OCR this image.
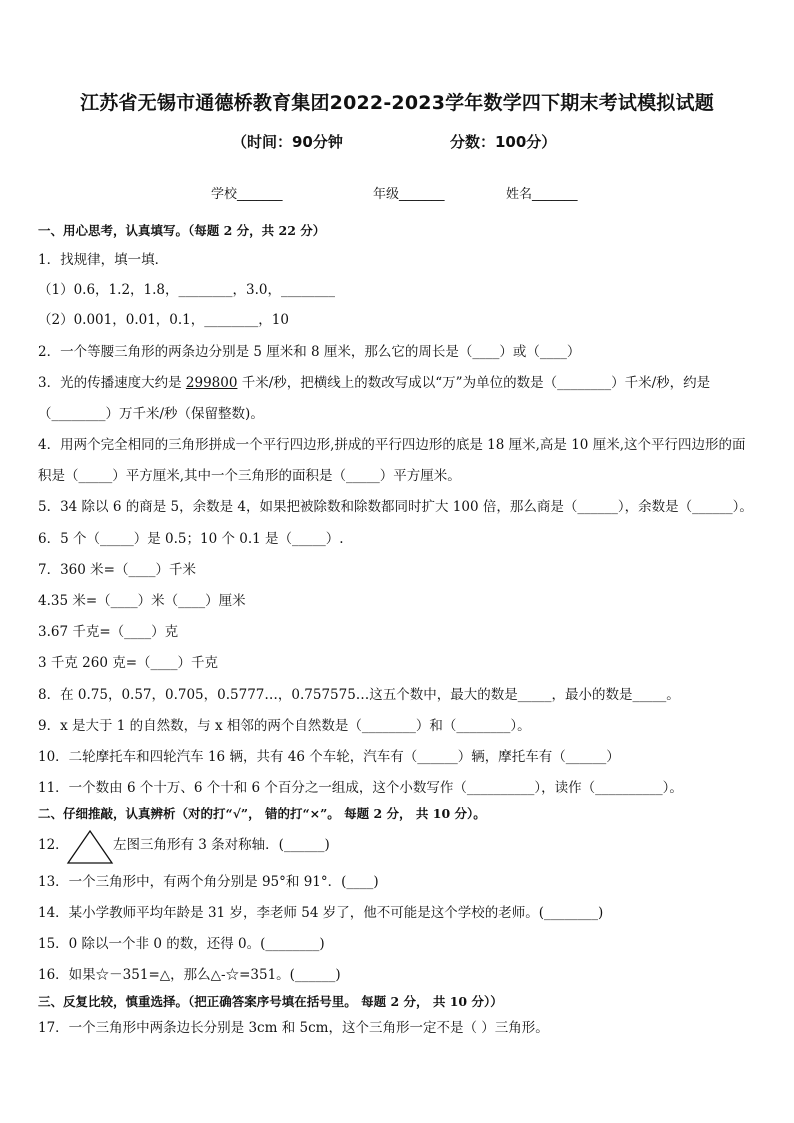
江苏省无锡市通德桥教育集团2022-2023学年数学四下期末考试模拟试题
（时间：90分钟	分数：100分）
学校_______	年级_______	姓名_______
一、用心思考，认真填写。（每题 2 分，共 22 分）
1．找规律，填一填．
（1）0.6，1.2，1.8，________，3.0，________
（2）0.001，0.01，0.1，________，10
2．一个等腰三角形的两条边分别是 5 厘米和 8 厘米，那么它的周长是（____）或（____）
3．光的传播速度大约是 299800 千米/秒，把横线上的数改写成以“万”为单位的数是（________）千米/秒，约是
（________）万千米/秒（保留整数)。
4．用两个完全相同的三角形拼成一个平行四边形,拼成的平行四边形的底是 18 厘米,高是 10 厘米,这个平行四边形的面
积是（_____）平方厘米,其中一个三角形的面积是（_____）平方厘米。
5．34 除以 6 的商是 5，余数是 4，如果把被除数和除数都同时扩大 100 倍，那么商是（______），余数是（______）。
6．5 个（_____）是 0.5；10 个 0.1 是（_____）.
7．360 米=（____）千米
4.35 米=（____）米（____）厘米
3.67 千克=（____）克
3 千克 260 克=（____）千克
8．在 0.75，0.57，0.705，0.5777…，0.757575…这五个数中，最大的数是_____，最小的数是_____。
9．x 是大于 1 的自然数，与 x 相邻的两个自然数是（________）和（________）。
10．二轮摩托车和四轮汽车 16 辆，共有 46 个车轮，汽车有（______）辆，摩托车有（______）
11．一个数由 6 个十万、6 个十和 6 个百分之一组成，这个小数写作（__________），读作（__________）。
二、仔细推敲，认真辨析（对的打“√”， 错的打“×”。 每题 2 分， 共 10 分）。
12．	左图三角形有 3 条对称轴．(______)
13．一个三角形中，有两个角分别是 95°和 91°．(____)
14．某小学教师平均年龄是 31 岁，李老师 54 岁了，他不可能是这个学校的老师。(________)
15．0 除以一个非 0 的数，还得 0。(________)
16．如果☆－351=△，那么△-☆=351。(______)
三、反复比较，慎重选择。（把正确答案序号填在括号里。 每题 2 分， 共 10 分））
17．一个三角形中两条边长分别是 3cm 和 5cm，这个三角形一定不是（ ）三角形。
